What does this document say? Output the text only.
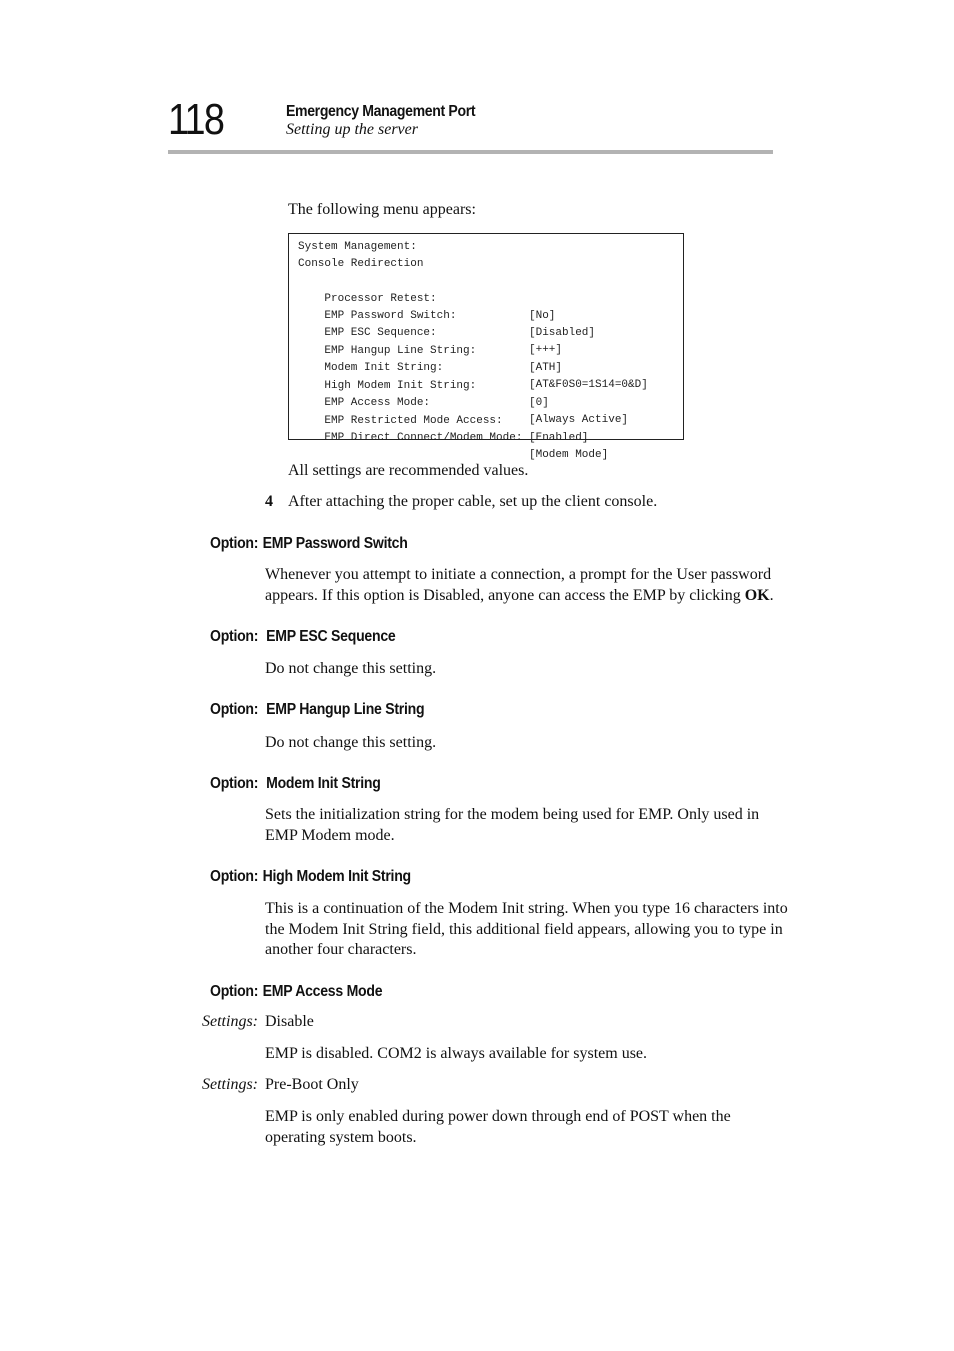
118	Emergency Management Port
Setting up the server
The following menu appears:
System Management:
Console Redirection

Processor Retest:

[No]

EMP Password Switch:

[Disabled]

EMP ESC Sequence:

[+++]

EMP Hangup Line String:

[ATH]

Modem Init String:

[AT&F0S0=1S14=0&D]

High Modem Init String:

[0]

EMP Access Mode:

[Always Active]

EMP Restricted Mode Access:

[Enabled]

EMP Direct Connect/Modem Mode:

[Modem Mode]

All settings are recommended values.
4 After attaching the proper cable, set up the client console.
Option: EMP Password Switch
Whenever you attempt to initiate a connection, a prompt for the User password appears. If this option is Disabled, anyone can access the EMP by clicking OK.
Option: EMP ESC Sequence
Do not change this setting.
Option: EMP Hangup Line String
Do not change this setting.
Option: Modem Init String
Sets the initialization string for the modem being used for EMP. Only used in EMP Modem mode.
Option: High Modem Init String
This is a continuation of the Modem Init string. When you type 16 characters into the Modem Init String field, this additional field appears, allowing you to type in another four characters.
Option: EMP Access Mode
Settings: Disable
EMP is disabled. COM2 is always available for system use.
Settings: Pre-Boot Only
EMP is only enabled during power down through end of POST when the operating system boots.
